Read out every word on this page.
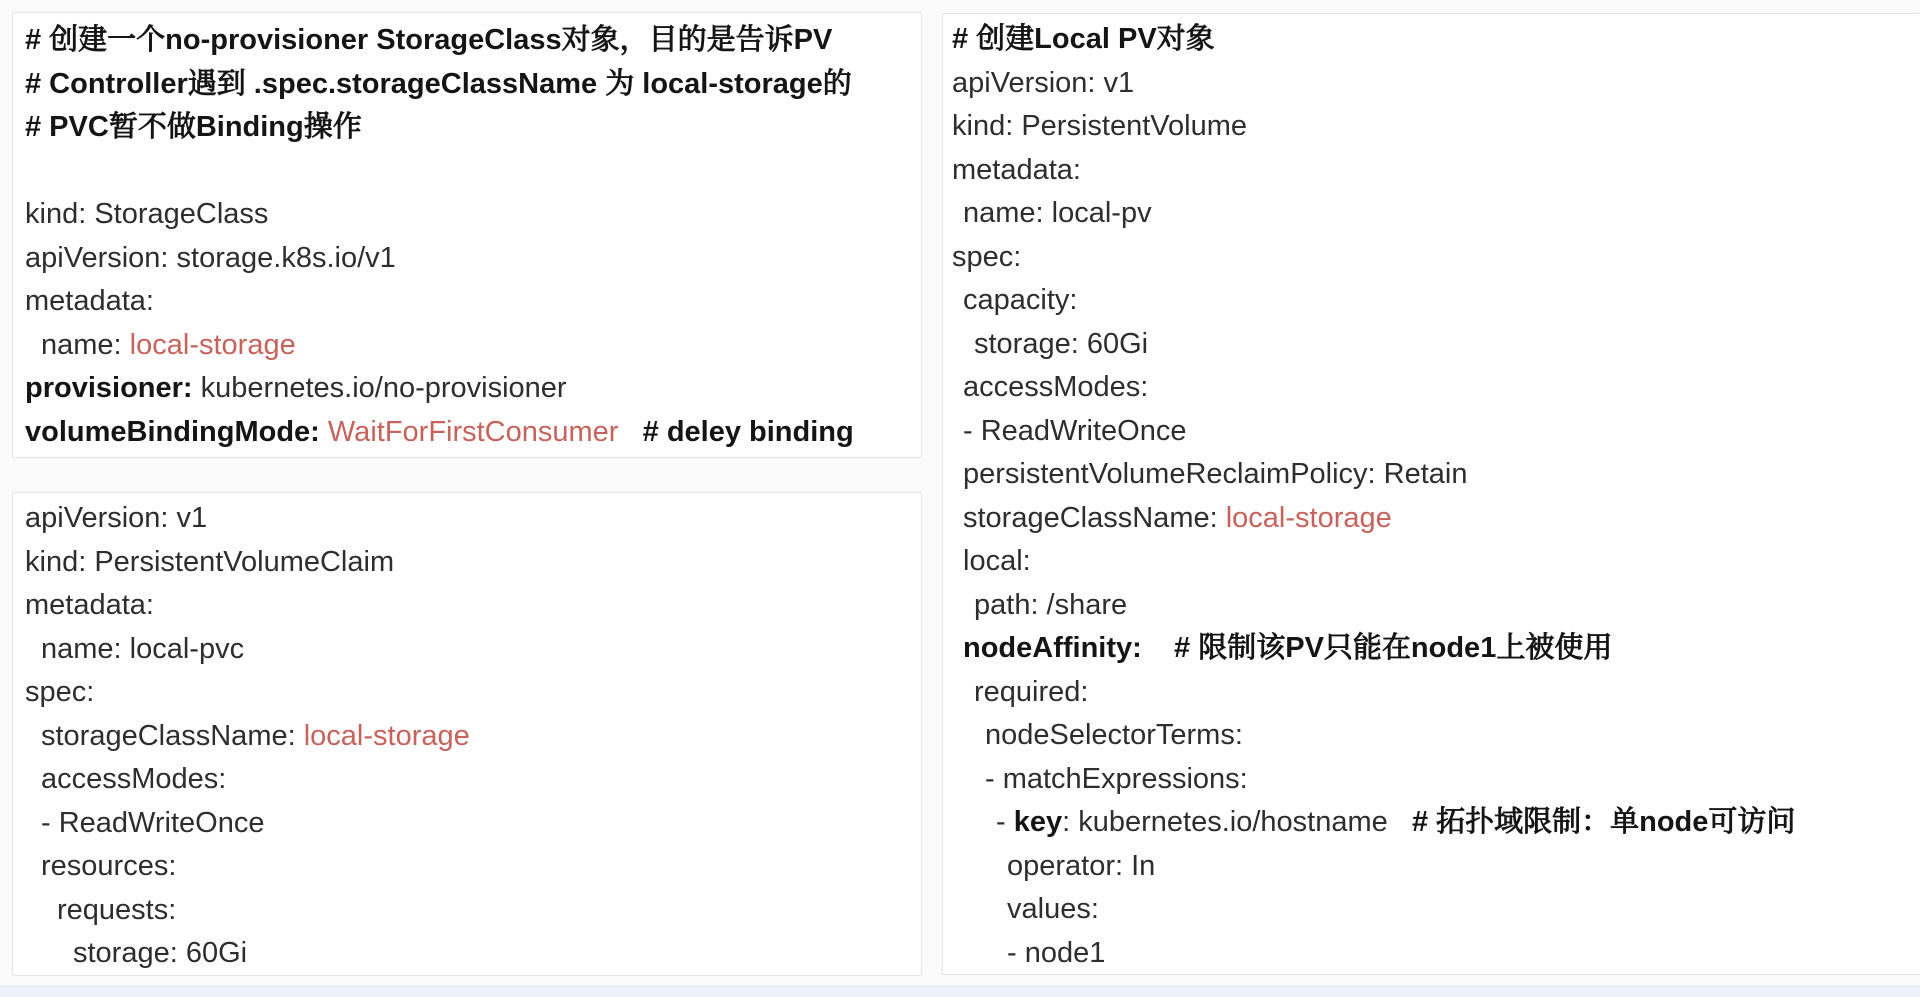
# 创建一个no-provisioner StorageClass对象，目的是告诉PV
# Controller遇到 .spec.storageClassName 为 local-storage的
# PVC暂不做Binding操作

kind: StorageClass
apiVersion: storage.k8s.io/v1
metadata:
name: local-storage
provisioner: kubernetes.io/no-provisioner
volumeBindingMode: WaitForFirstConsumer # deley binding
apiVersion: v1
kind: PersistentVolumeClaim
metadata:
name: local-pvc
spec:
storageClassName: local-storage
accessModes:
- ReadWriteOnce
resources:
requests:
storage: 60Gi
# 创建Local PV对象
apiVersion: v1
kind: PersistentVolume
metadata:
name: local-pv
spec:
capacity:
storage: 60Gi
accessModes:
- ReadWriteOnce
persistentVolumeReclaimPolicy: Retain
storageClassName: local-storage
local:
path: /share
nodeAffinity: # 限制该PV只能在node1上被使用
required:
nodeSelectorTerms:
- matchExpressions:
- key: kubernetes.io/hostname # 拓扑域限制：单node可访问
operator: In
values:
- node1
